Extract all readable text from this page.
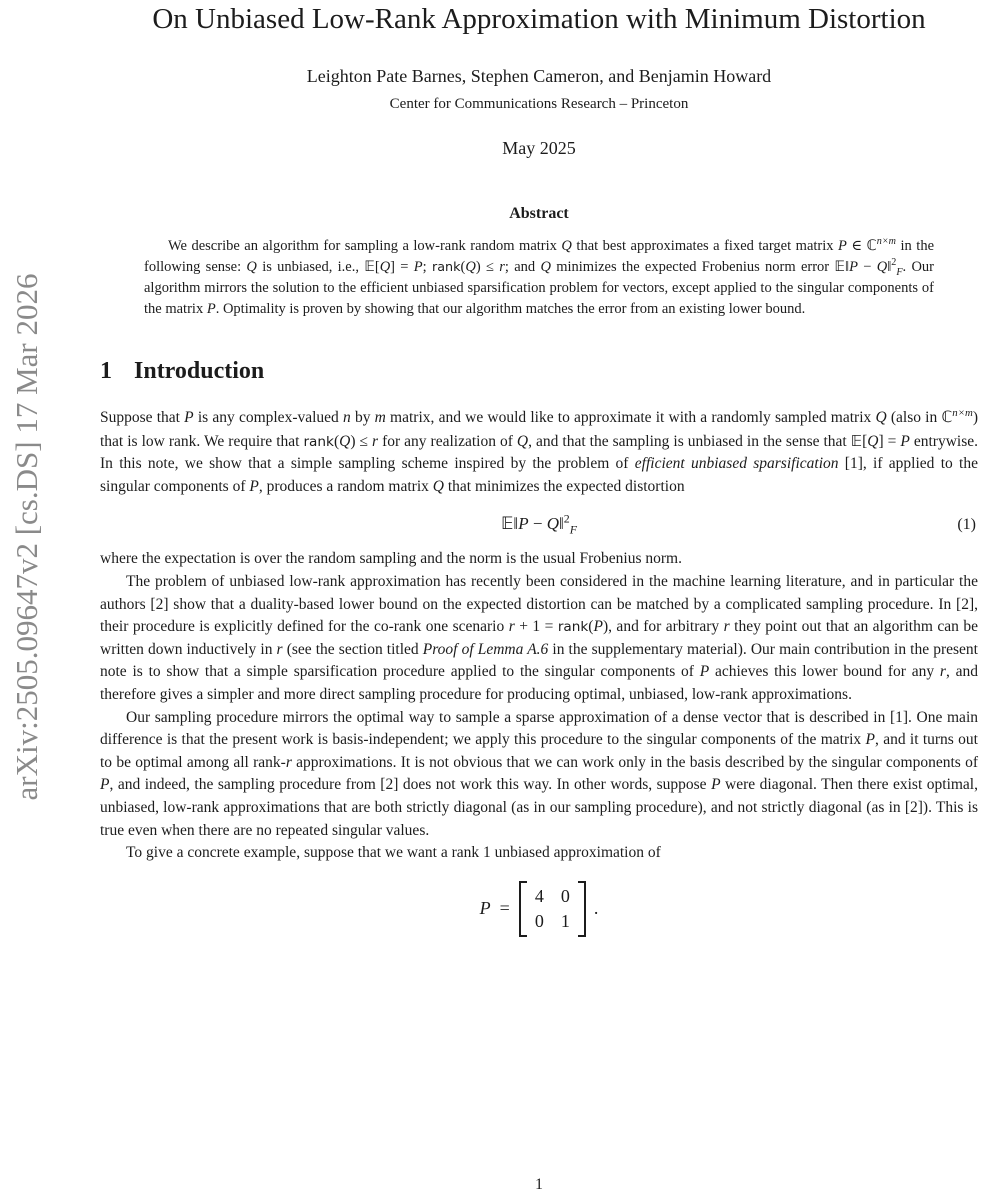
arXiv:2505.09647v2 [cs.DS] 17 Mar 2026
On Unbiased Low-Rank Approximation with Minimum Distortion
Leighton Pate Barnes, Stephen Cameron, and Benjamin Howard
Center for Communications Research – Princeton
May 2025
Abstract
We describe an algorithm for sampling a low-rank random matrix Q that best approximates a fixed target matrix P ∈ ℂ$^{n\times m}$ in the following sense: Q is unbiased, i.e., 𝔼[Q] = P; rank(Q) ≤ r; and Q minimizes the expected Frobenius norm error 𝔼‖P − Q‖$^2_F$. Our algorithm mirrors the solution to the efficient unbiased sparsification problem for vectors, except applied to the singular components of the matrix P. Optimality is proven by showing that our algorithm matches the error from an existing lower bound.
1 Introduction

Suppose that P is any complex-valued n by m matrix, and we would like to approximate it with a randomly sampled matrix Q (also in ℂ$^{n\times m}$) that is low rank. We require that rank(Q) ≤ r for any realization of Q, and that the sampling is unbiased in the sense that 𝔼[Q] = P entrywise. In this note, we show that a simple sampling scheme inspired by the problem of efficient unbiased sparsification [1], if applied to the singular components of P, produces a random matrix Q that minimizes the expected distortion

𝔼‖P − Q‖$^2_F$	(1)

where the expectation is over the random sampling and the norm is the usual Frobenius norm.

The problem of unbiased low-rank approximation has recently been considered in the machine learning literature, and in particular the authors [2] show that a duality-based lower bound on the expected distortion can be matched by a complicated sampling procedure. In [2], their procedure is explicitly defined for the co-rank one scenario r + 1 = rank(P), and for arbitrary r they point out that an algorithm can be written down inductively in r (see the section titled Proof of Lemma A.6 in the supplementary material). Our main contribution in the present note is to show that a simple sparsification procedure applied to the singular components of P achieves this lower bound for any r, and therefore gives a simpler and more direct sampling procedure for producing optimal, unbiased, low-rank approximations.

Our sampling procedure mirrors the optimal way to sample a sparse approximation of a dense vector that is described in [1]. One main difference is that the present work is basis-independent; we apply this procedure to the singular components of the matrix P, and it turns out to be optimal among all rank-r approximations. It is not obvious that we can work only in the basis described by the singular components of P, and indeed, the sampling procedure from [2] does not work this way. In other words, suppose P were diagonal. Then there exist optimal, unbiased, low-rank approximations that are both strictly diagonal (as in our sampling procedure), and not strictly diagonal (as in [2]). This is true even when there are no repeated singular values.

To give a concrete example, suppose that we want a rank 1 unbiased approximation of

P =
4 0
0 1
.
1
